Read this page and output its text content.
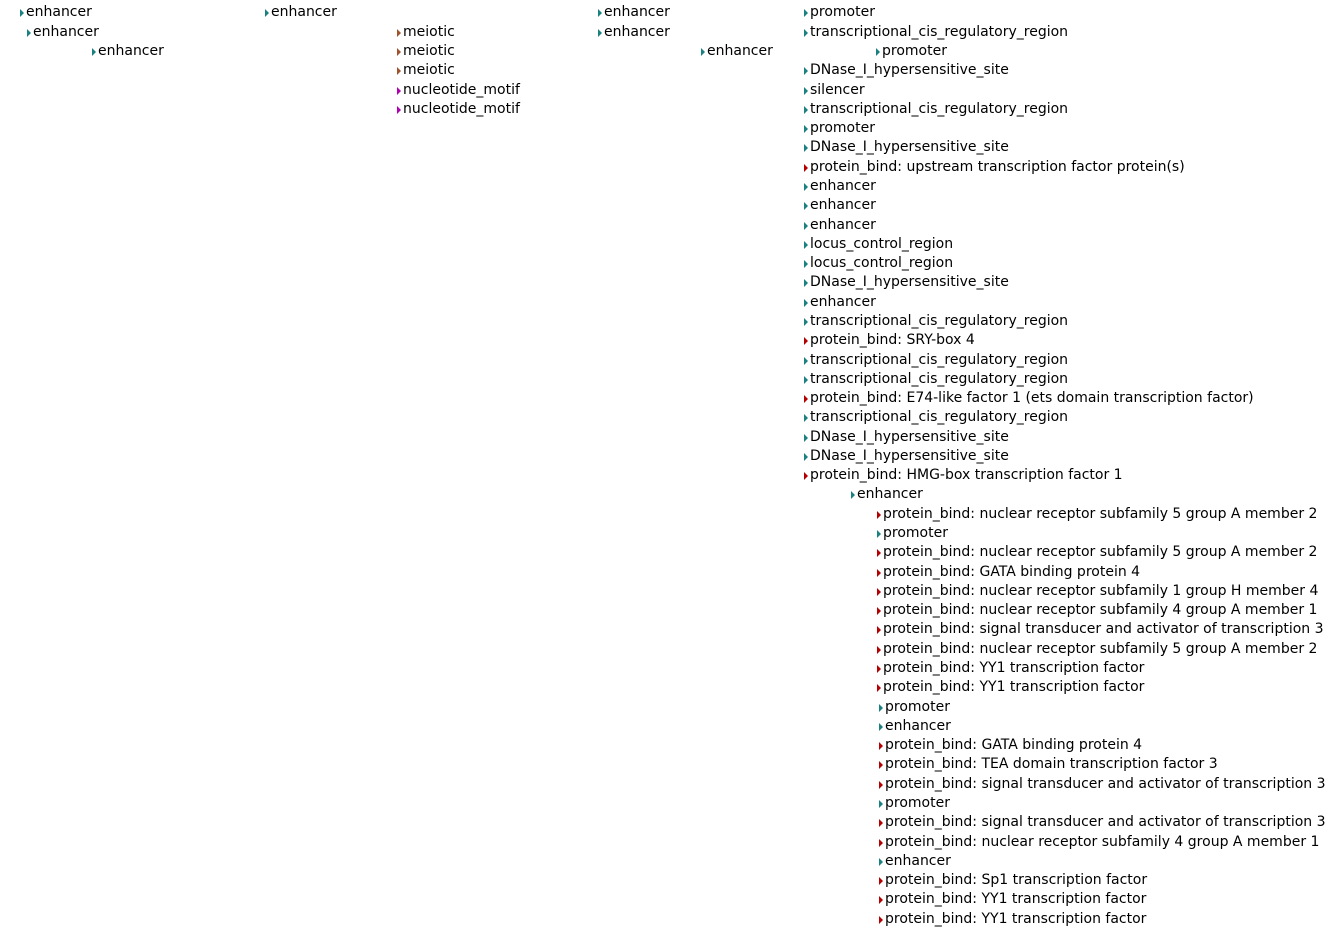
enhancer
enhancer
enhancer
enhancer
meiotic
meiotic
meiotic
nucleotide_motif
nucleotide_motif
enhancer
enhancer
enhancer
promoter
transcriptional_cis_regulatory_region
promoter
DNase_I_hypersensitive_site
silencer
transcriptional_cis_regulatory_region
promoter
DNase_I_hypersensitive_site
protein_bind: upstream transcription factor protein(s)
enhancer
enhancer
enhancer
locus_control_region
locus_control_region
DNase_I_hypersensitive_site
enhancer
transcriptional_cis_regulatory_region
protein_bind: SRY-box 4
transcriptional_cis_regulatory_region
transcriptional_cis_regulatory_region
protein_bind: E74-like factor 1 (ets domain transcription factor)
transcriptional_cis_regulatory_region
DNase_I_hypersensitive_site
DNase_I_hypersensitive_site
protein_bind: HMG-box transcription factor 1
enhancer
protein_bind: nuclear receptor subfamily 5 group A member 2
promoter
protein_bind: nuclear receptor subfamily 5 group A member 2
protein_bind: GATA binding protein 4
protein_bind: nuclear receptor subfamily 1 group H member 4
protein_bind: nuclear receptor subfamily 4 group A member 1
protein_bind: signal transducer and activator of transcription 3
protein_bind: nuclear receptor subfamily 5 group A member 2
protein_bind: YY1 transcription factor
protein_bind: YY1 transcription factor
promoter
enhancer
protein_bind: GATA binding protein 4
protein_bind: TEA domain transcription factor 3
protein_bind: signal transducer and activator of transcription 3
promoter
protein_bind: signal transducer and activator of transcription 3
protein_bind: nuclear receptor subfamily 4 group A member 1
enhancer
protein_bind: Sp1 transcription factor
protein_bind: YY1 transcription factor
protein_bind: YY1 transcription factor
